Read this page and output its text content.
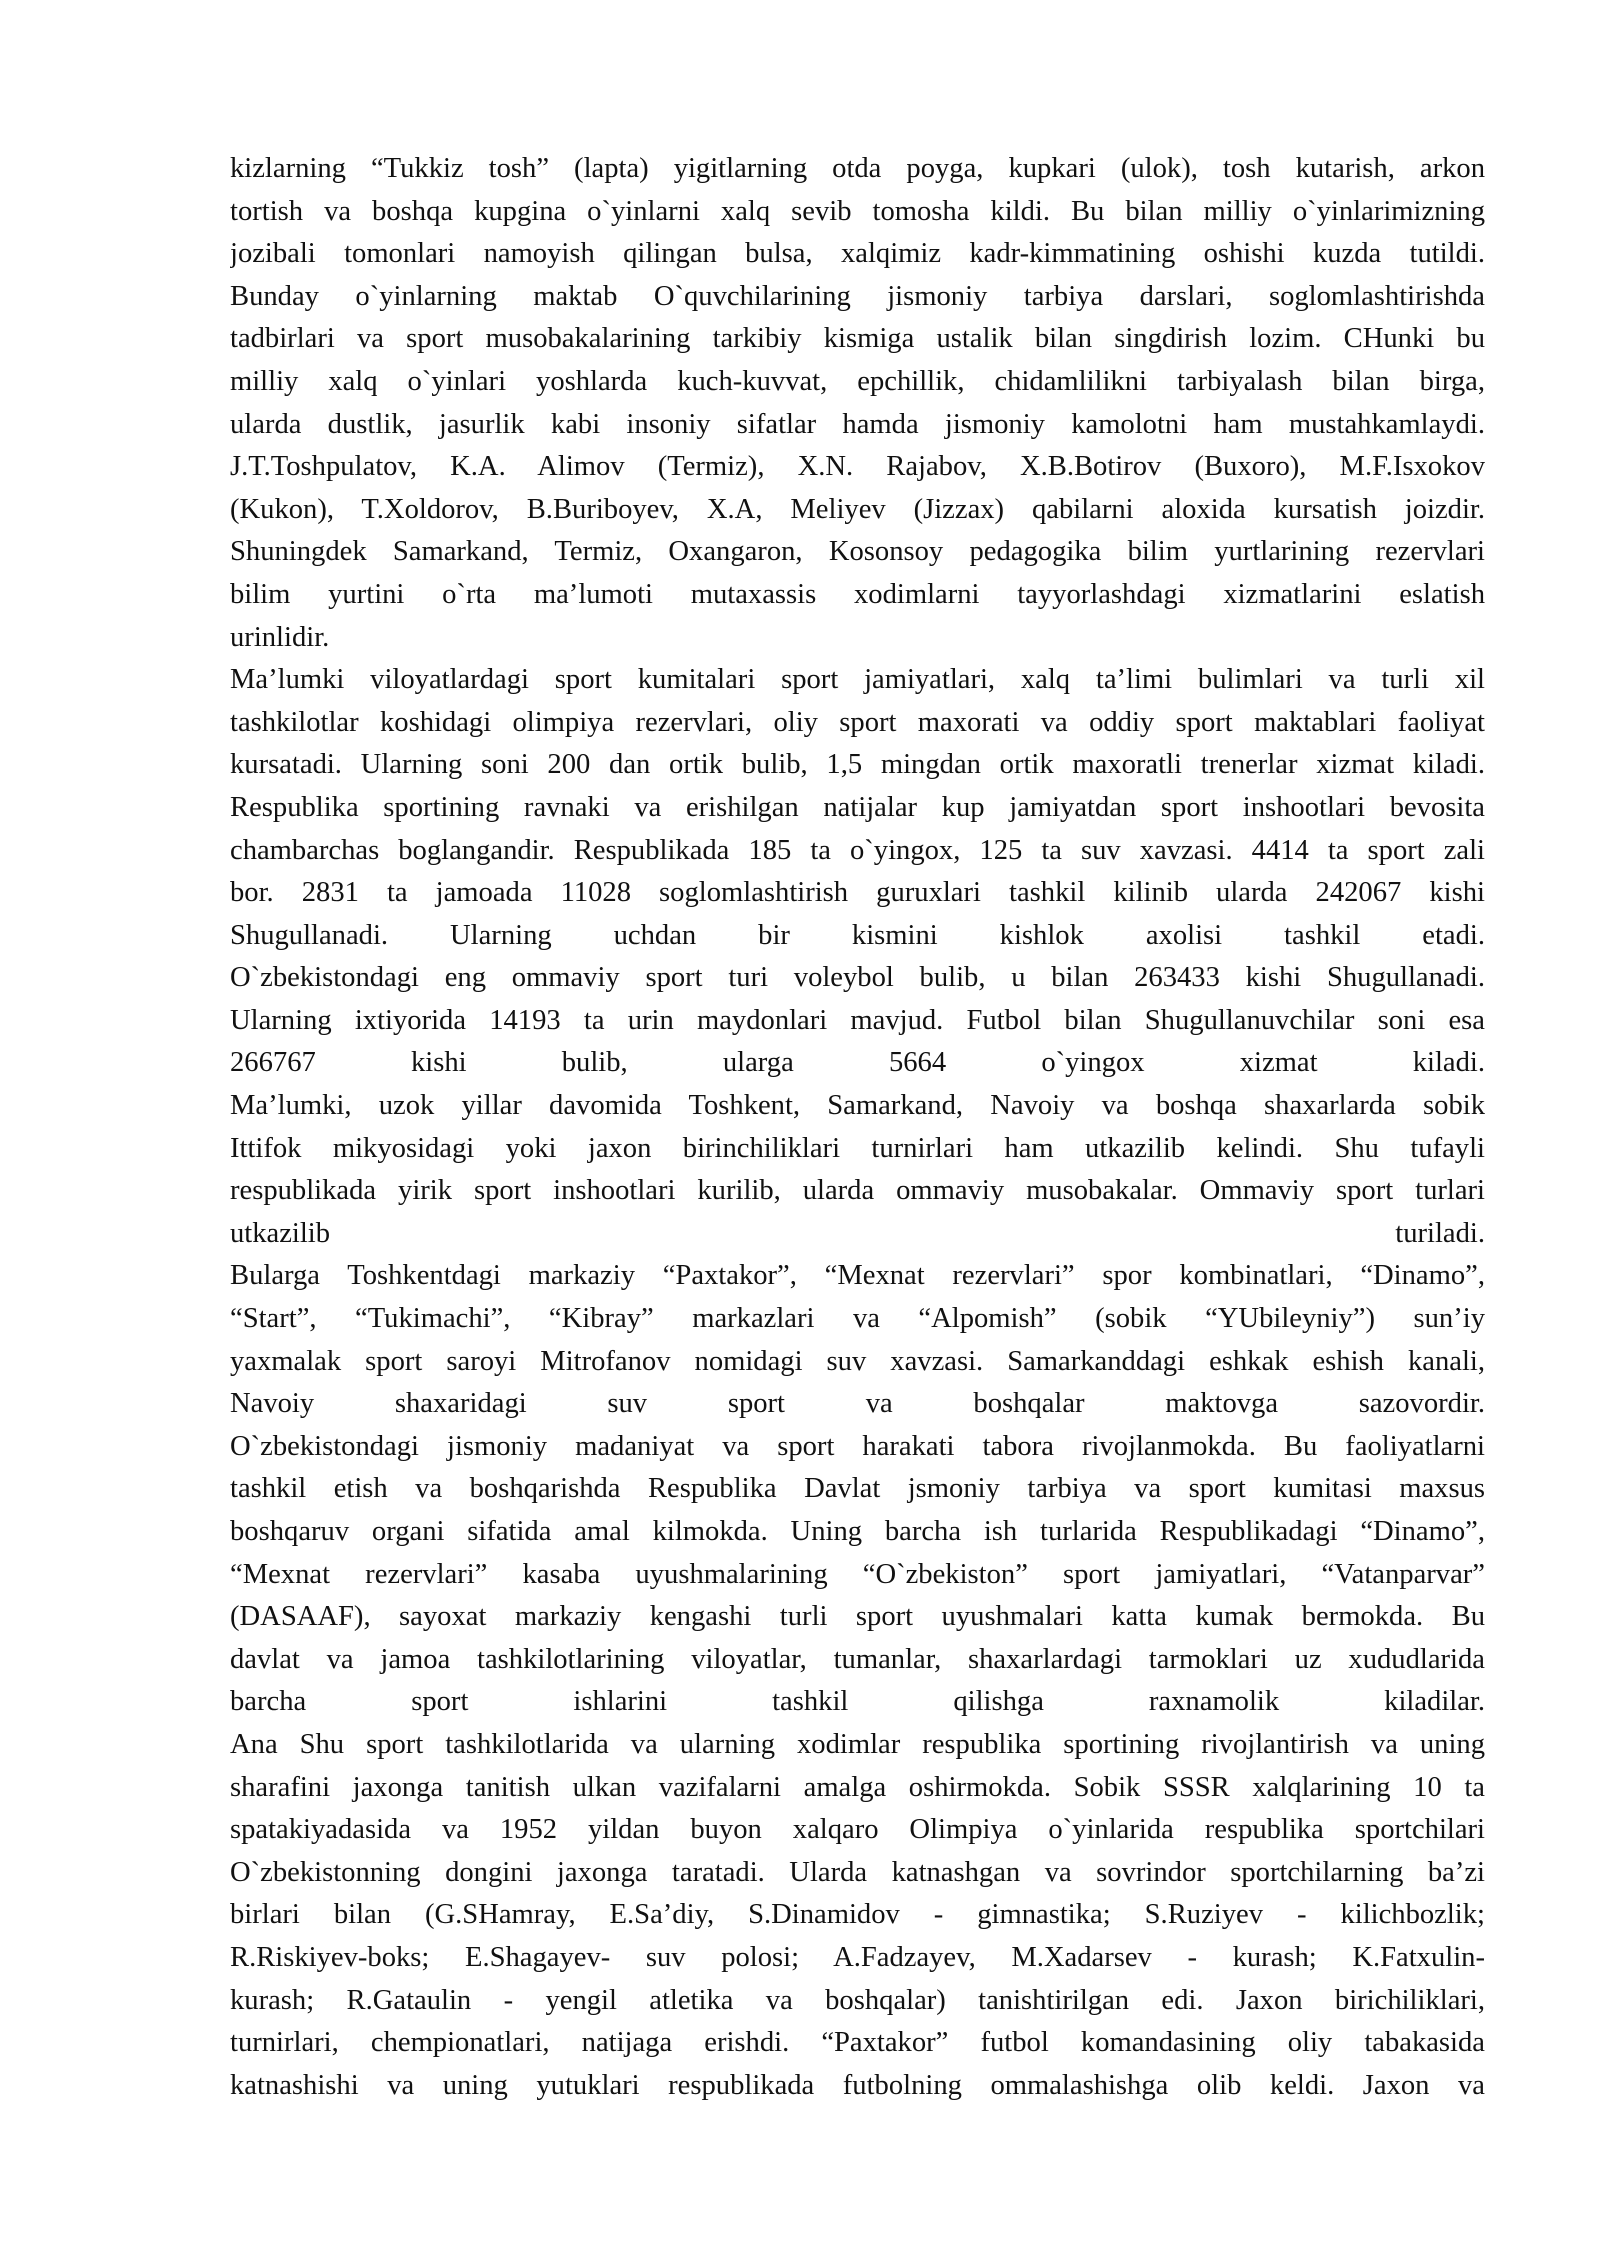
kizlarning “Tukkiz tosh” (lapta) yigitlarning otda poyga, kupkari (ulok), tosh kutarish, arkon
tortish va boshqa kupgina o`yinlarni xalq sevib tomosha kildi. Bu bilan milliy o`yinlarimizning
jozibali tomonlari namoyish qilingan bulsa, xalqimiz kadr-kimmatining oshishi kuzda tutildi.
Bunday o`yinlarning maktab O`quvchilarining jismoniy tarbiya darslari, soglomlashtirishda
tadbirlari va sport musobakalarining tarkibiy kismiga ustalik bilan singdirish lozim. CHunki bu
milliy xalq o`yinlari yoshlarda kuch-kuvvat, epchillik, chidamlilikni tarbiyalash bilan birga,
ularda dustlik, jasurlik kabi insoniy sifatlar hamda jismoniy kamolotni ham mustahkamlaydi.
J.T.Toshpulatov, K.A. Alimov (Termiz), X.N. Rajabov, X.B.Botirov (Buxoro), M.F.Isxokov
(Kukon), T.Xoldorov, B.Buriboyev, X.A, Meliyev (Jizzax) qabilarni aloxida kursatish joizdir.
Shuningdek Samarkand, Termiz, Oxangaron, Kosonsoy pedagogika bilim yurtlarining rezervlari
bilim yurtini o`rta ma’lumoti mutaxassis xodimlarni tayyorlashdagi xizmatlarini eslatish
urinlidir.
Ma’lumki viloyatlardagi sport kumitalari sport jamiyatlari, xalq ta’limi bulimlari va turli xil
tashkilotlar koshidagi olimpiya rezervlari, oliy sport maxorati va oddiy sport maktablari faoliyat
kursatadi. Ularning soni 200 dan ortik bulib, 1,5 mingdan ortik maxoratli trenerlar xizmat kiladi.
Respublika sportining ravnaki va erishilgan natijalar kup jamiyatdan sport inshootlari bevosita
chambarchas boglangandir. Respublikada 185 ta o`yingox, 125 ta suv xavzasi. 4414 ta sport zali
bor. 2831 ta jamoada 11028 soglomlashtirish guruxlari tashkil kilinib ularda 242067 kishi
Shugullanadi. Ularning uchdan bir kismini kishlok axolisi tashkil etadi.
O`zbekistondagi eng ommaviy sport turi voleybol bulib, u bilan 263433 kishi Shugullanadi.
Ularning ixtiyorida 14193 ta urin maydonlari mavjud. Futbol bilan Shugullanuvchilar soni esa
266767 kishi bulib, ularga 5664 o`yingox xizmat kiladi.
Ma’lumki, uzok yillar davomida Toshkent, Samarkand, Navoiy va boshqa shaxarlarda sobik
Ittifok mikyosidagi yoki jaxon birinchiliklari turnirlari ham utkazilib kelindi. Shu tufayli
respublikada yirik sport inshootlari kurilib, ularda ommaviy musobakalar. Ommaviy sport turlari
utkazilib turiladi.
Bularga Toshkentdagi markaziy “Paxtakor”, “Mexnat rezervlari” spor kombinatlari, “Dinamo”,
“Start”, “Tukimachi”, “Kibray” markazlari va “Alpomish” (sobik “YUbileyniy”) sun’iy
yaxmalak sport saroyi Mitrofanov nomidagi suv xavzasi. Samarkanddagi eshkak eshish kanali,
Navoiy shaxaridagi suv sport va boshqalar maktovga sazovordir.
O`zbekistondagi jismoniy madaniyat va sport harakati tabora rivojlanmokda. Bu faoliyatlarni
tashkil etish va boshqarishda Respublika Davlat jsmoniy tarbiya va sport kumitasi maxsus
boshqaruv organi sifatida amal kilmokda. Uning barcha ish turlarida Respublikadagi “Dinamo”,
“Mexnat rezervlari” kasaba uyushmalarining “O`zbekiston” sport jamiyatlari, “Vatanparvar”
(DASAAF), sayoxat markaziy kengashi turli sport uyushmalari katta kumak bermokda. Bu
davlat va jamoa tashkilotlarining viloyatlar, tumanlar, shaxarlardagi tarmoklari uz xududlarida
barcha sport ishlarini tashkil qilishga raxnamolik kiladilar.
Ana Shu sport tashkilotlarida va ularning xodimlar respublika sportining rivojlantirish va uning
sharafini jaxonga tanitish ulkan vazifalarni amalga oshirmokda. Sobik SSSR xalqlarining 10 ta
spatakiyadasida va 1952 yildan buyon xalqaro Olimpiya o`yinlarida respublika sportchilari
O`zbekistonning dongini jaxonga taratadi. Ularda katnashgan va sovrindor sportchilarning ba’zi
birlari bilan (G.SHamray, E.Sa’diy, S.Dinamidov - gimnastika; S.Ruziyev - kilichbozlik;
R.Riskiyev-boks; E.Shagayev- suv polosi; A.Fadzayev, M.Xadarsev - kurash; K.Fatxulin-
kurash; R.Gataulin - yengil atletika va boshqalar) tanishtirilgan edi. Jaxon birichiliklari,
turnirlari, chempionatlari, natijaga erishdi. “Paxtakor” futbol komandasining oliy tabakasida
katnashishi va uning yutuklari respublikada futbolning ommalashishga olib keldi. Jaxon va
